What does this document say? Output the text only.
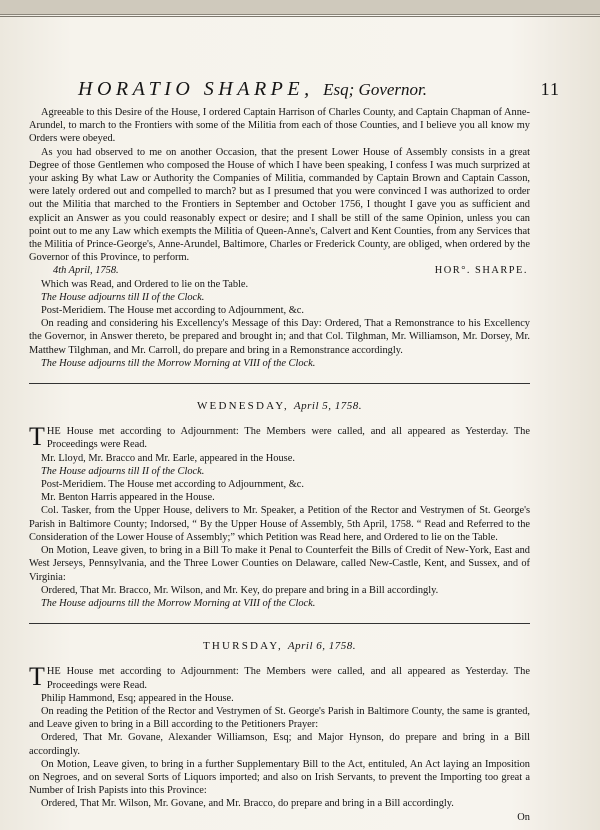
HORATIO SHARPE, Esq; Governor.	11

Agreeable to this Desire of the House, I ordered Captain Harrison of Charles County, and Captain Chapman of Anne-Arundel, to march to the Frontiers with some of the Militia from each of those Counties, and I believe you all know my Orders were obeyed.

As you had observed to me on another Occasion, that the present Lower House of Assembly consists in a great Degree of those Gentlemen who composed the House of which I have been speaking, I confess I was much surprized at your asking By what Law or Authority the Companies of Militia, commanded by Captain Brown and Captain Casson, were lately ordered out and compelled to march? but as I presumed that you were convinced I was authorized to order out the Militia that marched to the Frontiers in September and October 1756, I thought I gave you as sufficient and explicit an Answer as you could reasonably expect or desire; and I shall be still of the same Opinion, unless you can point out to me any Law which exempts the Militia of Queen-Anne's, Calvert and Kent Counties, from any Services that the Militia of Prince-George's, Anne-Arundel, Baltimore, Charles or Frederick County, are obliged, when ordered by the Governor of this Province, to perform.

4th April, 1758.	HOR°. SHARPE.

Which was Read, and Ordered to lie on the Table.

The House adjourns till II of the Clock.

Post-Meridiem. The House met according to Adjournment, &c.

On reading and considering his Excellency's Message of this Day: Ordered, That a Remonstrance to his Excellency the Governor, in Answer thereto, be prepared and brought in; and that Col. Tilghman, Mr. Williamson, Mr. Dorsey, Mr. Matthew Tilghman, and Mr. Carroll, do prepare and bring in a Remonstrance accordingly.

The House adjourns till the Morrow Morning at VIII of the Clock.

WEDNESDAY, April 5, 1758.

THE House met according to Adjournment: The Members were called, and all appeared as Yesterday. The Proceedings were Read.

Mr. Lloyd, Mr. Bracco and Mr. Earle, appeared in the House.

The House adjourns till II of the Clock.

Post-Meridiem. The House met according to Adjournment, &c.

Mr. Benton Harris appeared in the House.

Col. Tasker, from the Upper House, delivers to Mr. Speaker, a Petition of the Rector and Vestrymen of St. George's Parish in Baltimore County; Indorsed, “ By the Upper House of Assembly, 5th April, 1758. “ Read and Referred to the Consideration of the Lower House of Assembly;” which Petition was Read here, and Ordered to lie on the Table.

On Motion, Leave given, to bring in a Bill To make it Penal to Counterfeit the Bills of Credit of New-York, East and West Jerseys, Pennsylvania, and the Three Lower Counties on Delaware, called New-Castle, Kent, and Sussex, and of Virginia:

Ordered, That Mr. Bracco, Mr. Wilson, and Mr. Key, do prepare and bring in a Bill accordingly.

The House adjourns till the Morrow Morning at VIII of the Clock.

THURSDAY, April 6, 1758.

THE House met according to Adjournment: The Members were called, and all appeared as Yesterday. The Proceedings were Read.

Philip Hammond, Esq; appeared in the House.

On reading the Petition of the Rector and Vestrymen of St. George's Parish in Baltimore County, the same is granted, and Leave given to bring in a Bill according to the Petitioners Prayer:

Ordered, That Mr. Govane, Alexander Williamson, Esq; and Major Hynson, do prepare and bring in a Bill accordingly.

On Motion, Leave given, to bring in a further Supplementary Bill to the Act, entituled, An Act laying an Imposition on Negroes, and on several Sorts of Liquors imported; and also on Irish Servants, to prevent the Importing too great a Number of Irish Papists into this Province:

Ordered, That Mr. Wilson, Mr. Govane, and Mr. Bracco, do prepare and bring in a Bill accordingly.

On
